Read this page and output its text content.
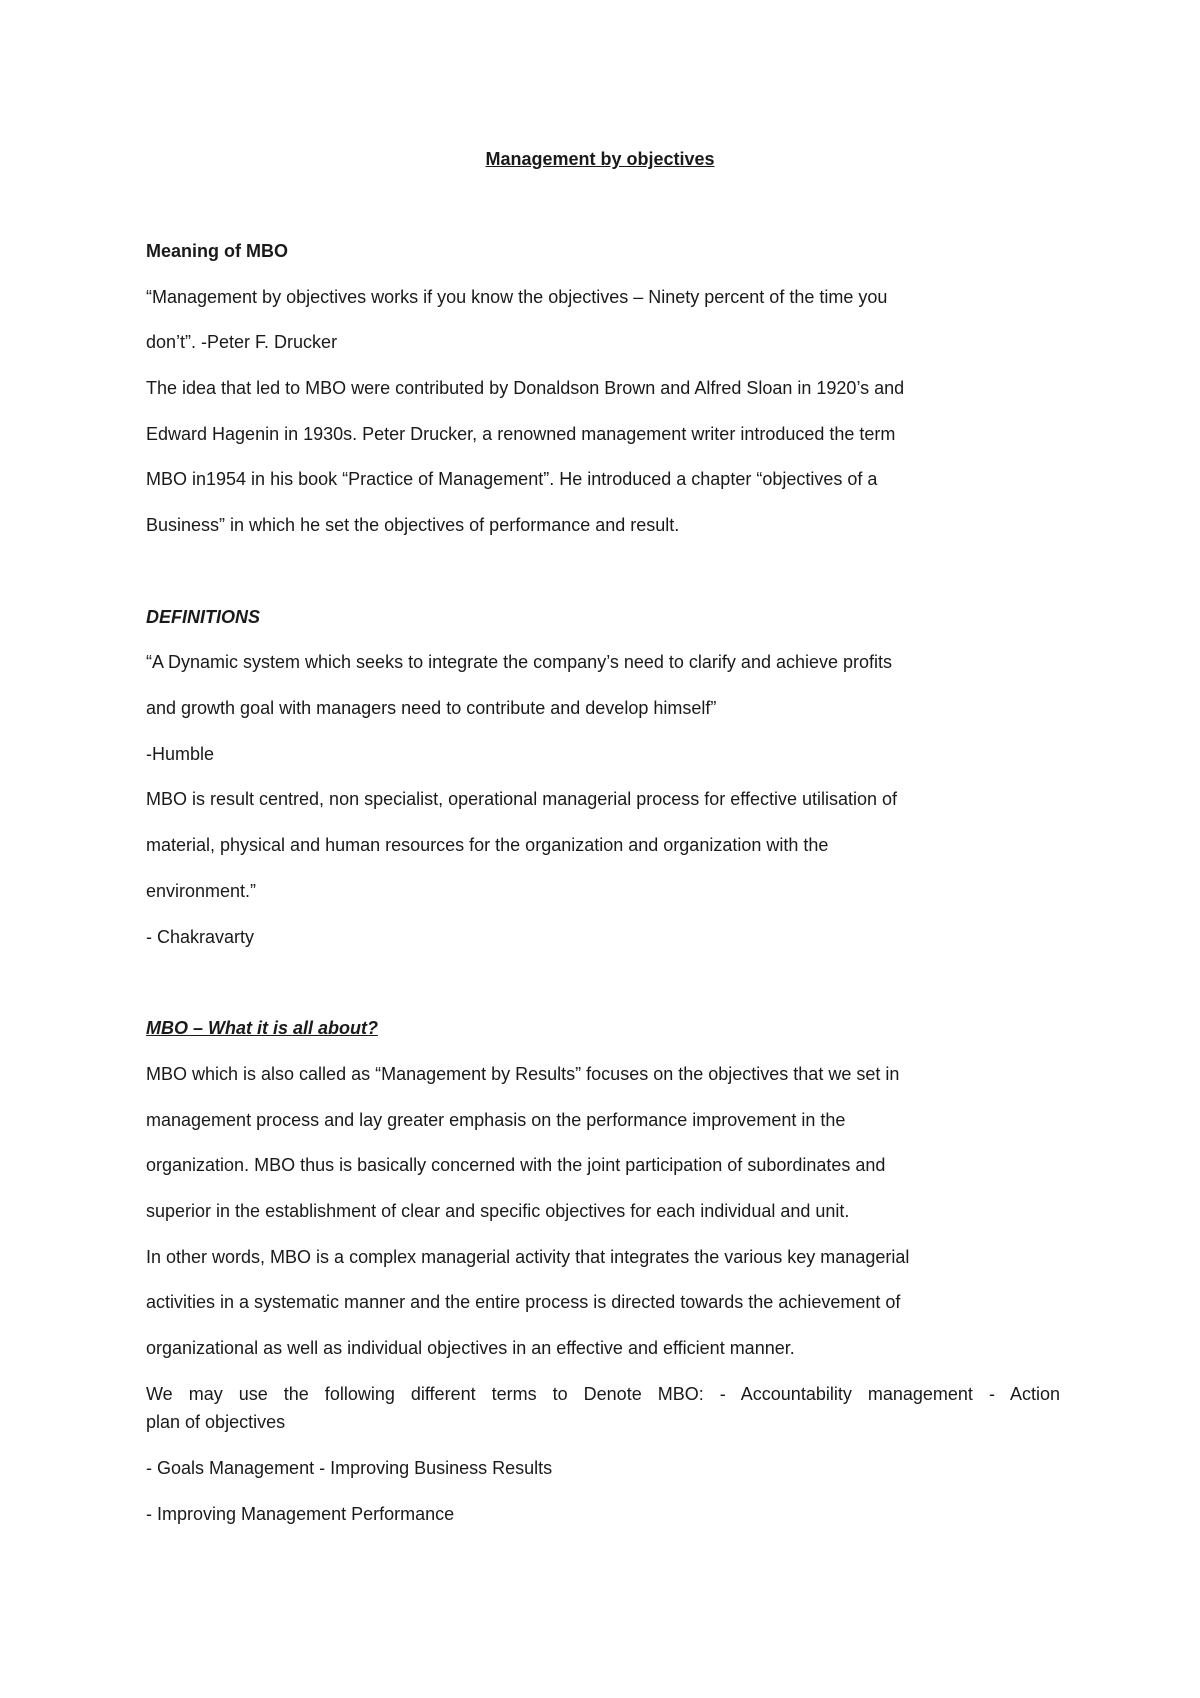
Management by objectives
Meaning of MBO
“Management by objectives works if you know the objectives – Ninety percent of the time you
don’t”. -Peter F. Drucker
The idea that led to MBO were contributed by Donaldson Brown and Alfred Sloan in 1920’s and
Edward Hagenin in 1930s. Peter Drucker, a renowned management writer introduced the term
MBO in1954 in his book “Practice of Management”. He introduced a chapter “objectives of a
Business” in which he set the objectives of performance and result.
DEFINITIONS
“A Dynamic system which seeks to integrate the company’s need to clarify and achieve profits
and growth goal with managers need to contribute and develop himself”
-Humble
MBO is result centred, non specialist, operational managerial process for effective utilisation of
material, physical and human resources for the organization and organization with the
environment.”
- Chakravarty
MBO – What it is all about?
MBO which is also called as “Management by Results” focuses on the objectives that we set in
management process and lay greater emphasis on the performance improvement in the
organization. MBO thus is basically concerned with the joint participation of subordinates and
superior in the establishment of clear and specific objectives for each individual and unit.
In other words, MBO is a complex managerial activity that integrates the various key managerial
activities in a systematic manner and the entire process is directed towards the achievement of
organizational as well as individual objectives in an effective and efficient manner.
We may use the following different terms to Denote MBO: - Accountability management - Action
plan of objectives
- Goals Management - Improving Business Results
- Improving Management Performance
